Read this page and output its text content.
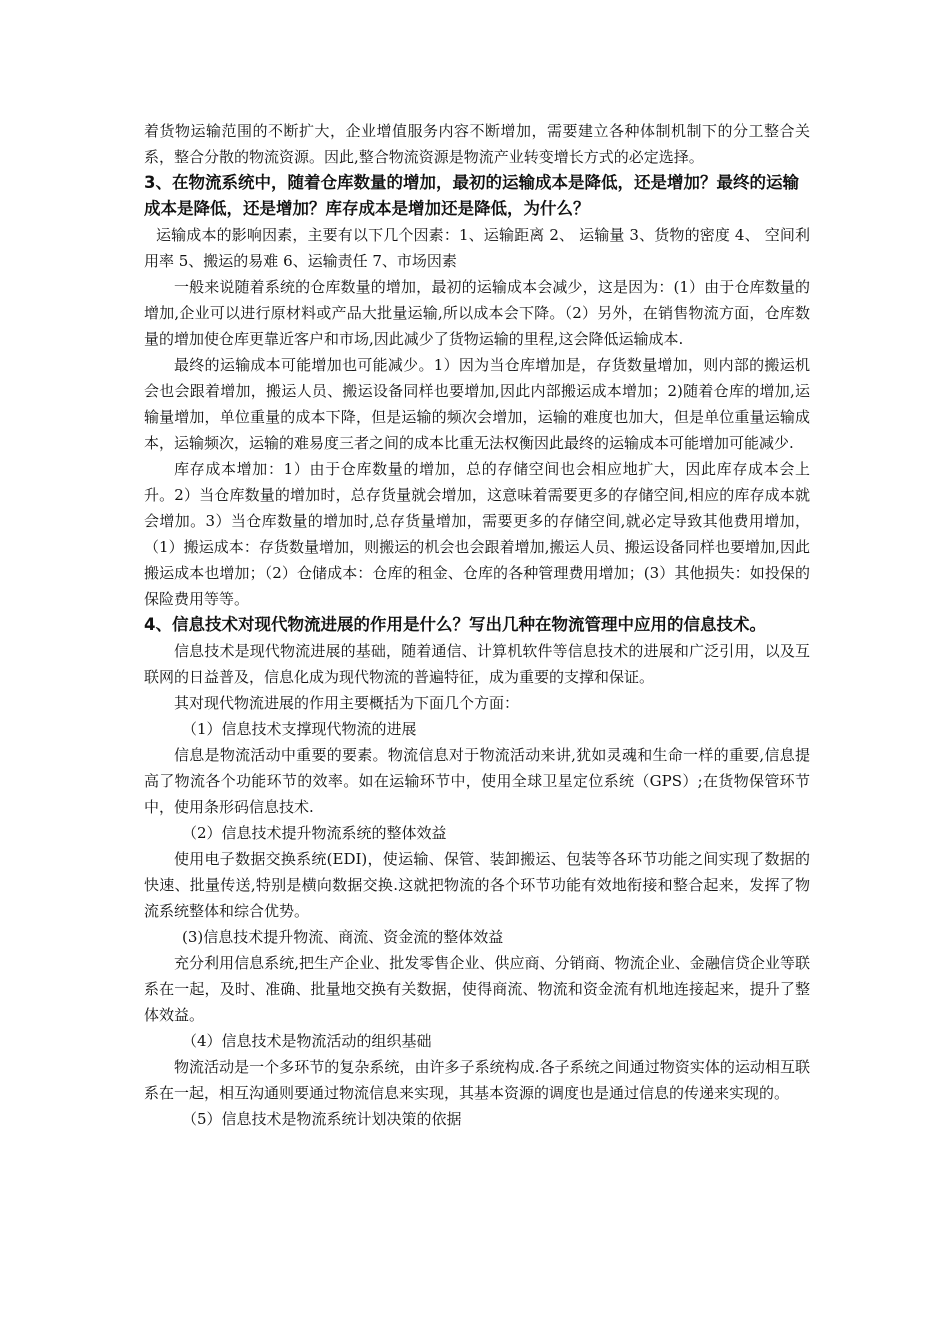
着货物运输范围的不断扩大，企业增值服务内容不断增加，需要建立各种体制机制下的分工整合关系，整合分散的物流资源。因此,整合物流资源是物流产业转变增长方式的必定选择。

3、在物流系统中，随着仓库数量的增加，最初的运输成本是降低，还是增加？最终的运输成本是降低，还是增加？库存成本是增加还是降低，为什么？

运输成本的影响因素，主要有以下几个因素：1、运输距离 2、 运输量 3、货物的密度 4、 空间利用率 5、搬运的易难 6、运输责任 7、市场因素

一般来说随着系统的仓库数量的增加，最初的运输成本会减少，这是因为：(1）由于仓库数量的增加,企业可以进行原材料或产品大批量运输,所以成本会下降。（2）另外，在销售物流方面，仓库数量的增加使仓库更靠近客户和市场,因此减少了货物运输的里程,这会降低运输成本.

最终的运输成本可能增加也可能减少。1）因为当仓库增加是，存货数量增加，则内部的搬运机会也会跟着增加，搬运人员、搬运设备同样也要增加,因此内部搬运成本增加；2)随着仓库的增加,运输量增加，单位重量的成本下降，但是运输的频次会增加，运输的难度也加大，但是单位重量运输成本，运输频次，运输的难易度三者之间的成本比重无法权衡因此最终的运输成本可能增加可能减少.

库存成本增加：1）由于仓库数量的增加，总的存储空间也会相应地扩大，因此库存成本会上升。2）当仓库数量的增加时，总存货量就会增加，这意味着需要更多的存储空间,相应的库存成本就会增加。3）当仓库数量的增加时,总存货量增加，需要更多的存储空间,就必定导致其他费用增加，（1）搬运成本：存货数量增加，则搬运的机会也会跟着增加,搬运人员、搬运设备同样也要增加,因此搬运成本也增加；（2）仓储成本：仓库的租金、仓库的各种管理费用增加；(3）其他损失：如投保的保险费用等等。

4、信息技术对现代物流进展的作用是什么？写出几种在物流管理中应用的信息技术。

信息技术是现代物流进展的基础，随着通信、计算机软件等信息技术的进展和广泛引用，以及互联网的日益普及，信息化成为现代物流的普遍特征，成为重要的支撑和保证。

其对现代物流进展的作用主要概括为下面几个方面：

（1）信息技术支撑现代物流的进展

信息是物流活动中重要的要素。物流信息对于物流活动来讲,犹如灵魂和生命一样的重要,信息提高了物流各个功能环节的效率。如在运输环节中，使用全球卫星定位系统（GPS）;在货物保管环节中，使用条形码信息技术.

（2）信息技术提升物流系统的整体效益

使用电子数据交换系统(EDI)，使运输、保管、装卸搬运、包装等各环节功能之间实现了数据的快速、批量传送,特别是横向数据交换.这就把物流的各个环节功能有效地衔接和整合起来，发挥了物流系统整体和综合优势。

(3)信息技术提升物流、商流、资金流的整体效益

充分利用信息系统,把生产企业、批发零售企业、供应商、分销商、物流企业、金融信贷企业等联系在一起，及时、准确、批量地交换有关数据，使得商流、物流和资金流有机地连接起来，提升了整体效益。

（4）信息技术是物流活动的组织基础

物流活动是一个多环节的复杂系统，由许多子系统构成.各子系统之间通过物资实体的运动相互联系在一起，相互沟通则要通过物流信息来实现，其基本资源的调度也是通过信息的传递来实现的。

（5）信息技术是物流系统计划决策的依据
